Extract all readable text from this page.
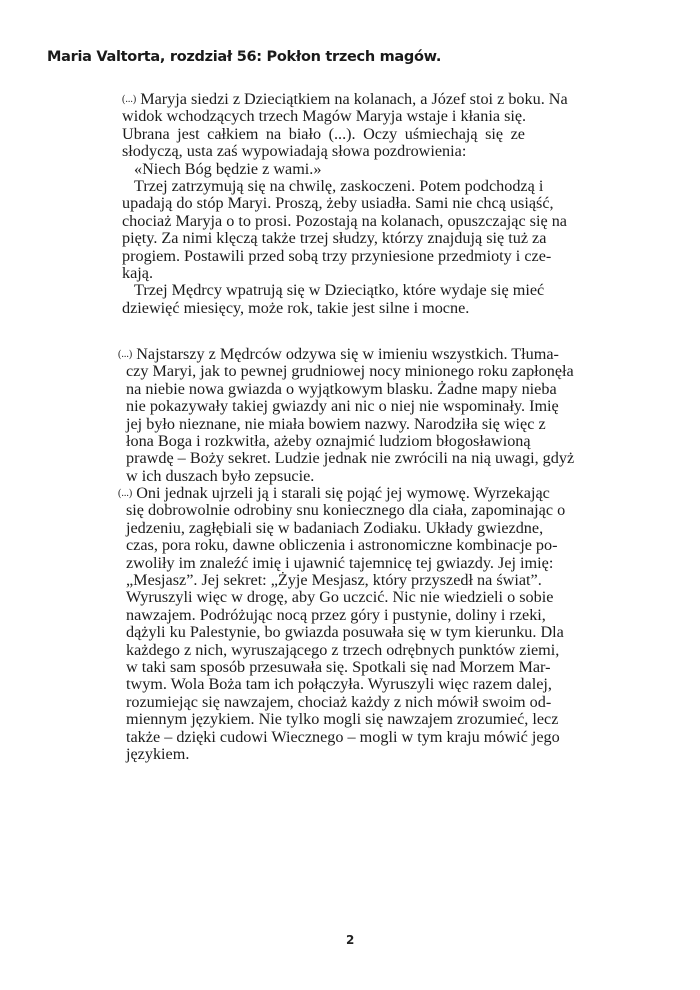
Maria Valtorta, rozdział 56: Pokłon trzech magów.
(...) Maryja siedzi z Dzieciątkiem na kolanach, a Józef stoi z boku. Na
widok wchodzących trzech Magów Maryja wstaje i kłania się.
Ubrana jest całkiem na biało (...). Oczy uśmiechają się ze
słodyczą, usta zaś wypowiadają słowa pozdrowienia:
«Niech Bóg będzie z wami.»
Trzej zatrzymują się na chwilę, zaskoczeni. Potem podchodzą i
upadają do stóp Maryi. Proszą, żeby usiadła. Sami nie chcą usiąść,
chociaż Maryja o to prosi. Pozostają na kolanach, opuszczając się na
pięty. Za nimi klęczą także trzej słudzy, którzy znajdują się tuż za
progiem. Postawili przed sobą trzy przyniesione przedmioty i cze-
kają.
Trzej Mędrcy wpatrują się w Dzieciątko, które wydaje się mieć
dziewięć miesięcy, może rok, takie jest silne i mocne.
(...) Najstarszy z Mędrców odzywa się w imieniu wszystkich. Tłuma-
czy Maryi, jak to pewnej grudniowej nocy minionego roku zapłonęła
na niebie nowa gwiazda o wyjątkowym blasku. Żadne mapy nieba
nie pokazywały takiej gwiazdy ani nic o niej nie wspominały. Imię
jej było nieznane, nie miała bowiem nazwy. Narodziła się więc z
łona Boga i rozkwitła, ażeby oznajmić ludziom błogosławioną
prawdę – Boży sekret. Ludzie jednak nie zwrócili na nią uwagi, gdyż
w ich duszach było zepsucie.
(...) Oni jednak ujrzeli ją i starali się pojąć jej wymowę. Wyrzekając
się dobrowolnie odrobiny snu koniecznego dla ciała, zapominając o
jedzeniu, zagłębiali się w badaniach Zodiaku. Układy gwiezdne,
czas, pora roku, dawne obliczenia i astronomiczne kombinacje po-
zwoliły im znaleźć imię i ujawnić tajemnicę tej gwiazdy. Jej imię:
„Mesjasz”. Jej sekret: „Żyje Mesjasz, który przyszedł na świat”.
Wyruszyli więc w drogę, aby Go uczcić. Nic nie wiedzieli o sobie
nawzajem. Podróżując nocą przez góry i pustynie, doliny i rzeki,
dążyli ku Palestynie, bo gwiazda posuwała się w tym kierunku. Dla
każdego z nich, wyruszającego z trzech odrębnych punktów ziemi,
w taki sam sposób przesuwała się. Spotkali się nad Morzem Mar-
twym. Wola Boża tam ich połączyła. Wyruszyli więc razem dalej,
rozumiejąc się nawzajem, chociaż każdy z nich mówił swoim od-
miennym językiem. Nie tylko mogli się nawzajem zrozumieć, lecz
także – dzięki cudowi Wiecznego – mogli w tym kraju mówić jego
językiem.
2
